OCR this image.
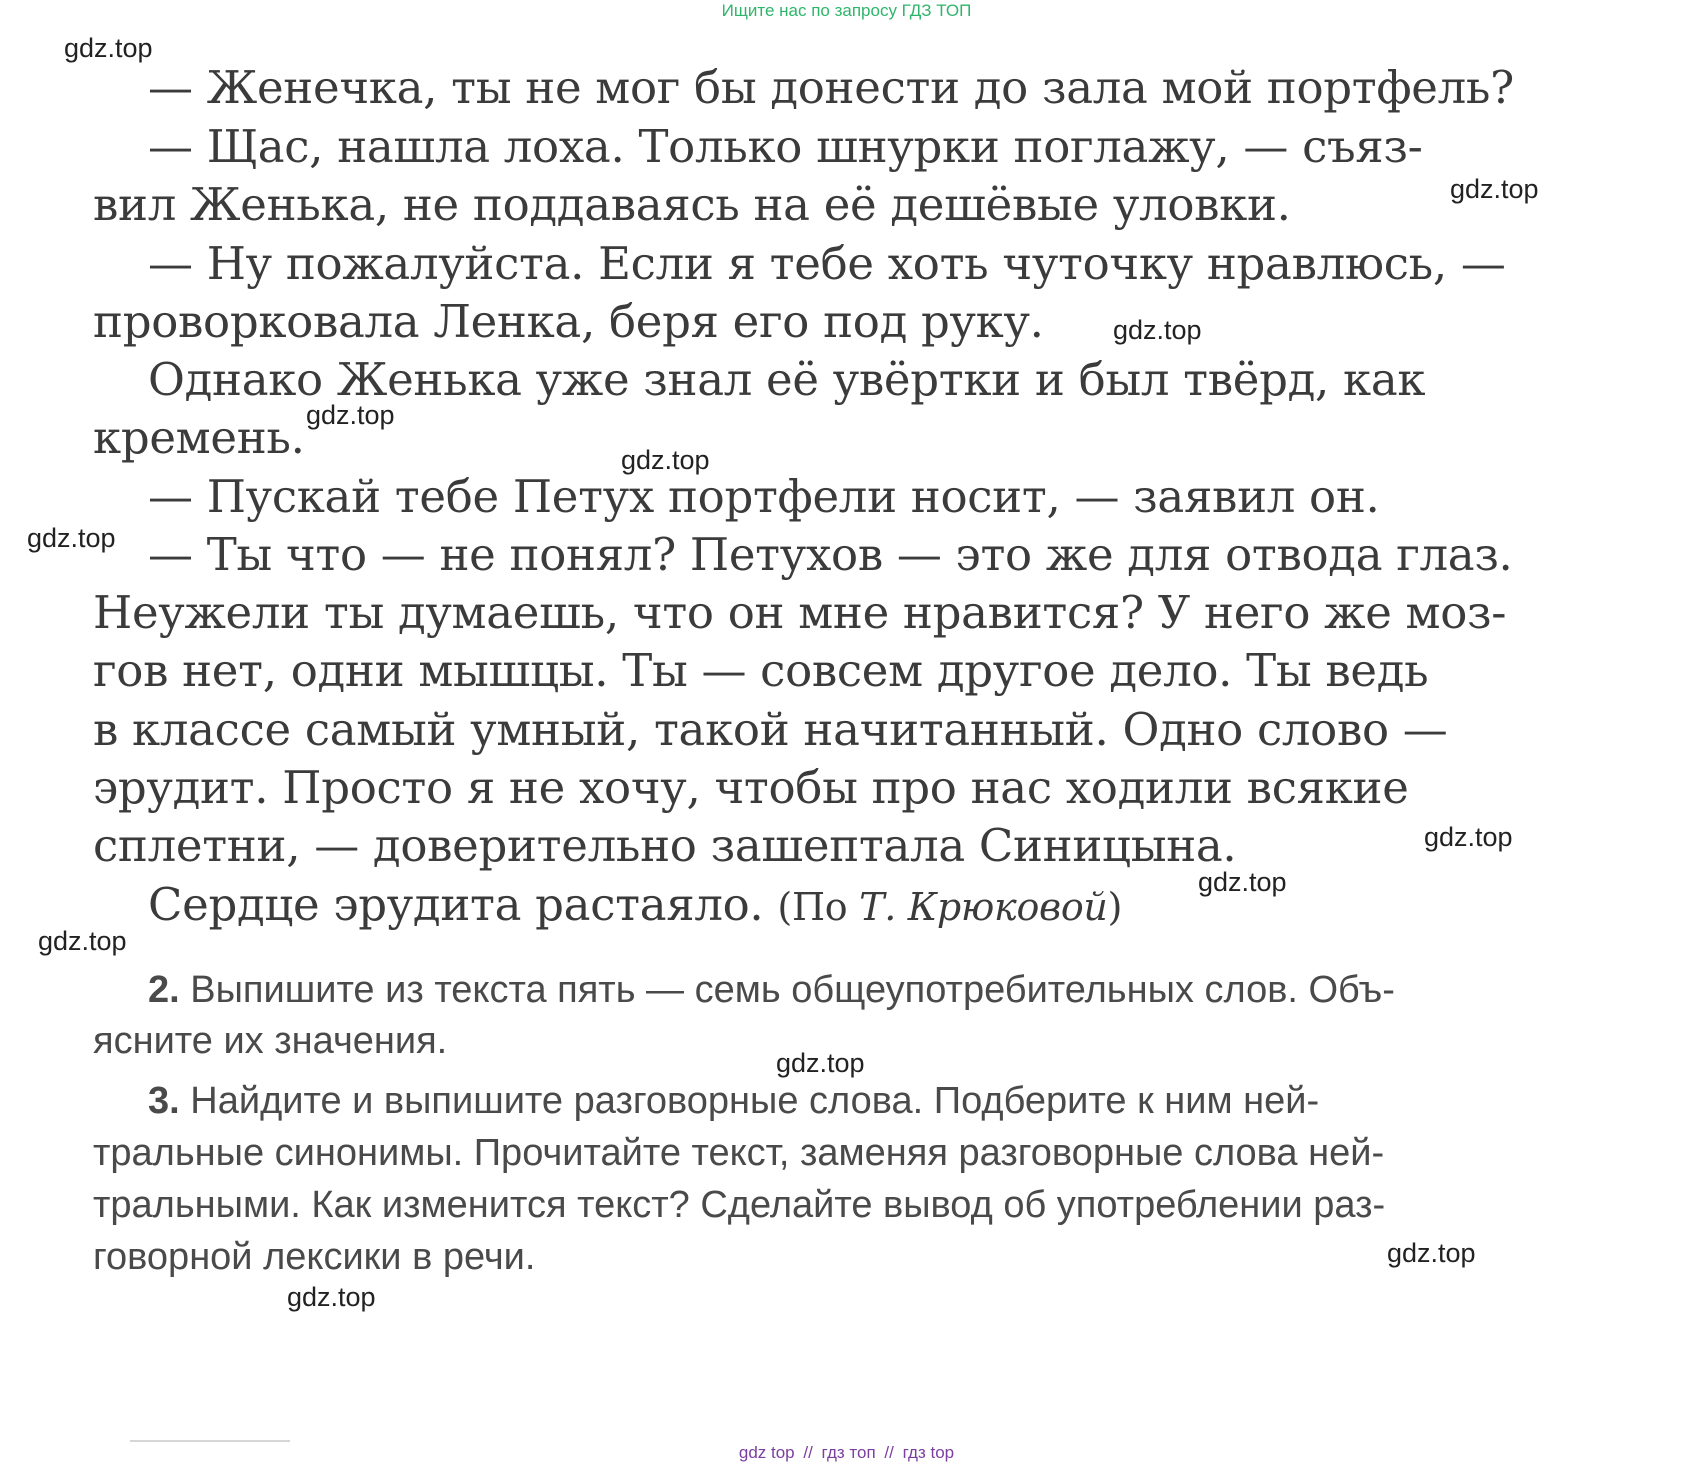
Ищите нас по запросу ГДЗ ТОП
— Женечка, ты не мог бы донести до зала мой портфель?
— Щас, нашла лоха. Только шнурки поглажу, — съяз-
вил Женька, не поддаваясь на её дешёвые уловки.
— Ну пожалуйста. Если я тебе хоть чуточку нравлюсь, —
проворковала Ленка, беря его под руку.
Однако Женька уже знал её увёртки и был твёрд, как
кремень.
— Пускай тебе Петух портфели носит, — заявил он.
— Ты что — не понял? Петухов — это же для отвода глаз.
Неужели ты думаешь, что он мне нравится? У него же моз-
гов нет, одни мышцы. Ты — совсем другое дело. Ты ведь
в классе самый умный, такой начитанный. Одно слово —
эрудит. Просто я не хочу, чтобы про нас ходили всякие
сплетни, — доверительно зашептала Синицына.
Сердце эрудита растаяло. (По Т. Крюковой)
2. Выпишите из текста пять — семь общеупотребительных слов. Объ-
ясните их значения.
3. Найдите и выпишите разговорные слова. Подберите к ним ней-
тральные синонимы. Прочитайте текст, заменяя разговорные слова ней-
тральными. Как изменится текст? Сделайте вывод об употреблении раз-
говорной лексики в речи.
gdz.top
gdz.top
gdz.top
gdz.top
gdz.top
gdz.top
gdz.top
gdz.top
gdz.top
gdz.top
gdz.top
gdz.top
gdz top // гдз топ // гдз top
